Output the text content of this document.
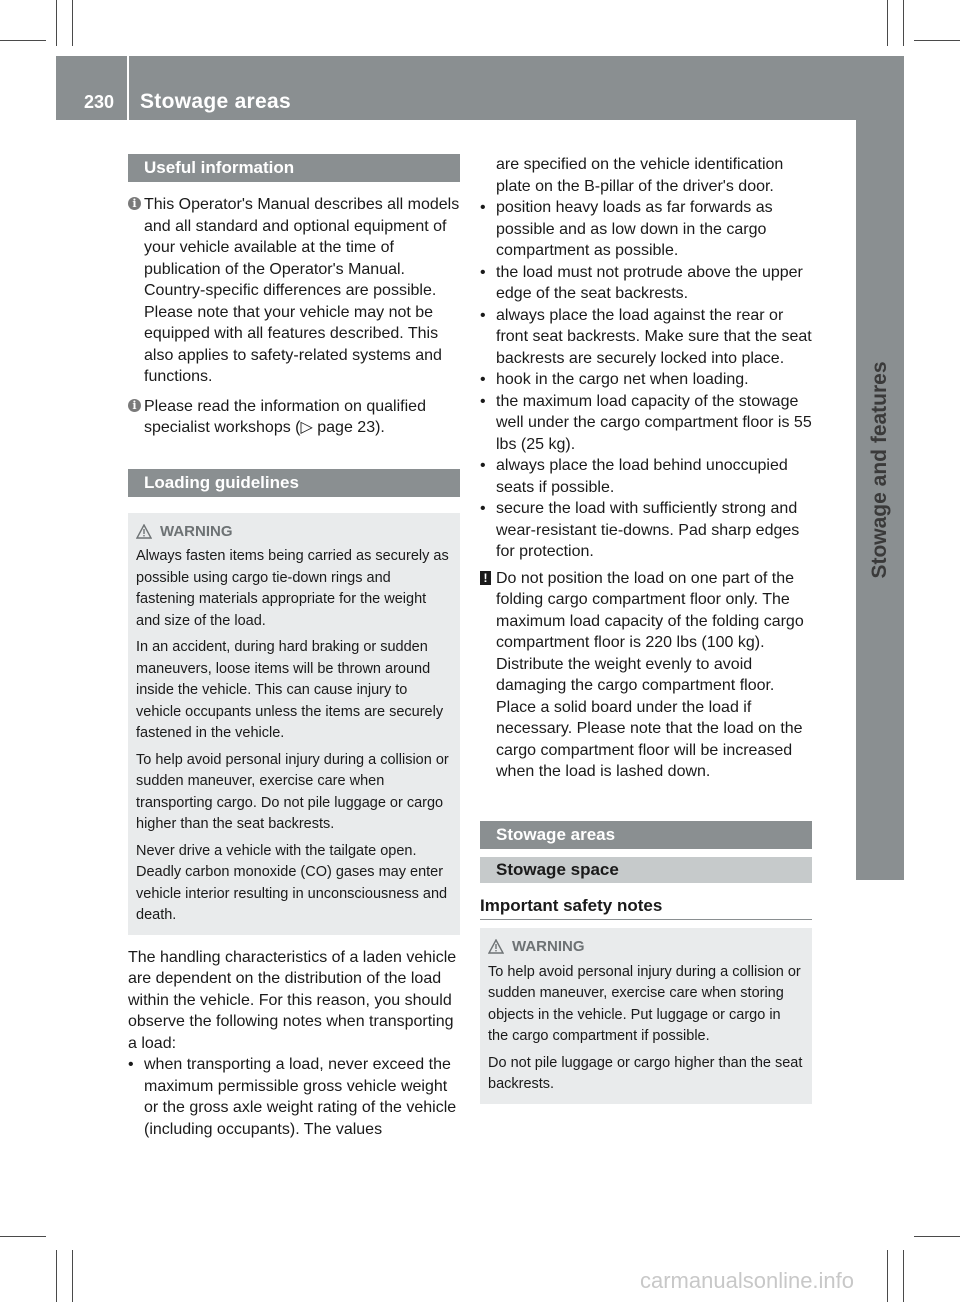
230 Stowage areas
Stowage and features
Useful information
i This Operator's Manual describes all models and all standard and optional equipment of your vehicle available at the time of publication of the Operator's Manual. Country-specific differences are possible. Please note that your vehicle may not be equipped with all features described. This also applies to safety-related systems and functions.
i Please read the information on qualified specialist workshops (▷ page 23).
Loading guidelines
WARNING

Always fasten items being carried as securely as possible using cargo tie-down rings and fastening materials appropriate for the weight and size of the load.

In an accident, during hard braking or sudden maneuvers, loose items will be thrown around inside the vehicle. This can cause injury to vehicle occupants unless the items are securely fastened in the vehicle.

To help avoid personal injury during a collision or sudden maneuver, exercise care when transporting cargo. Do not pile luggage or cargo higher than the seat backrests.

Never drive a vehicle with the tailgate open. Deadly carbon monoxide (CO) gases may enter vehicle interior resulting in unconsciousness and death.

The handling characteristics of a laden vehicle are dependent on the distribution of the load within the vehicle. For this reason, you should observe the following notes when transporting a load:

• when transporting a load, never exceed the maximum permissible gross vehicle weight or the gross axle weight rating of the vehicle (including occupants). The values
are specified on the vehicle identification plate on the B-pillar of the driver's door.
• position heavy loads as far forwards as possible and as low down in the cargo compartment as possible.
• the load must not protrude above the upper edge of the seat backrests.
• always place the load against the rear or front seat backrests. Make sure that the seat backrests are securely locked into place.
• hook in the cargo net when loading.
• the maximum load capacity of the stowage well under the cargo compartment floor is 55 lbs (25 kg).
• always place the load behind unoccupied seats if possible.
• secure the load with sufficiently strong and wear-resistant tie-downs. Pad sharp edges for protection.
! Do not position the load on one part of the folding cargo compartment floor only. The maximum load capacity of the folding cargo compartment floor is 220 lbs (100 kg). Distribute the weight evenly to avoid damaging the cargo compartment floor. Place a solid board under the load if necessary. Please note that the load on the cargo compartment floor will be increased when the load is lashed down.
Stowage areas
Stowage space
Important safety notes
WARNING

To help avoid personal injury during a collision or sudden maneuver, exercise care when storing objects in the vehicle. Put luggage or cargo in the cargo compartment if possible.

Do not pile luggage or cargo higher than the seat backrests.

carmanualsonline.info
